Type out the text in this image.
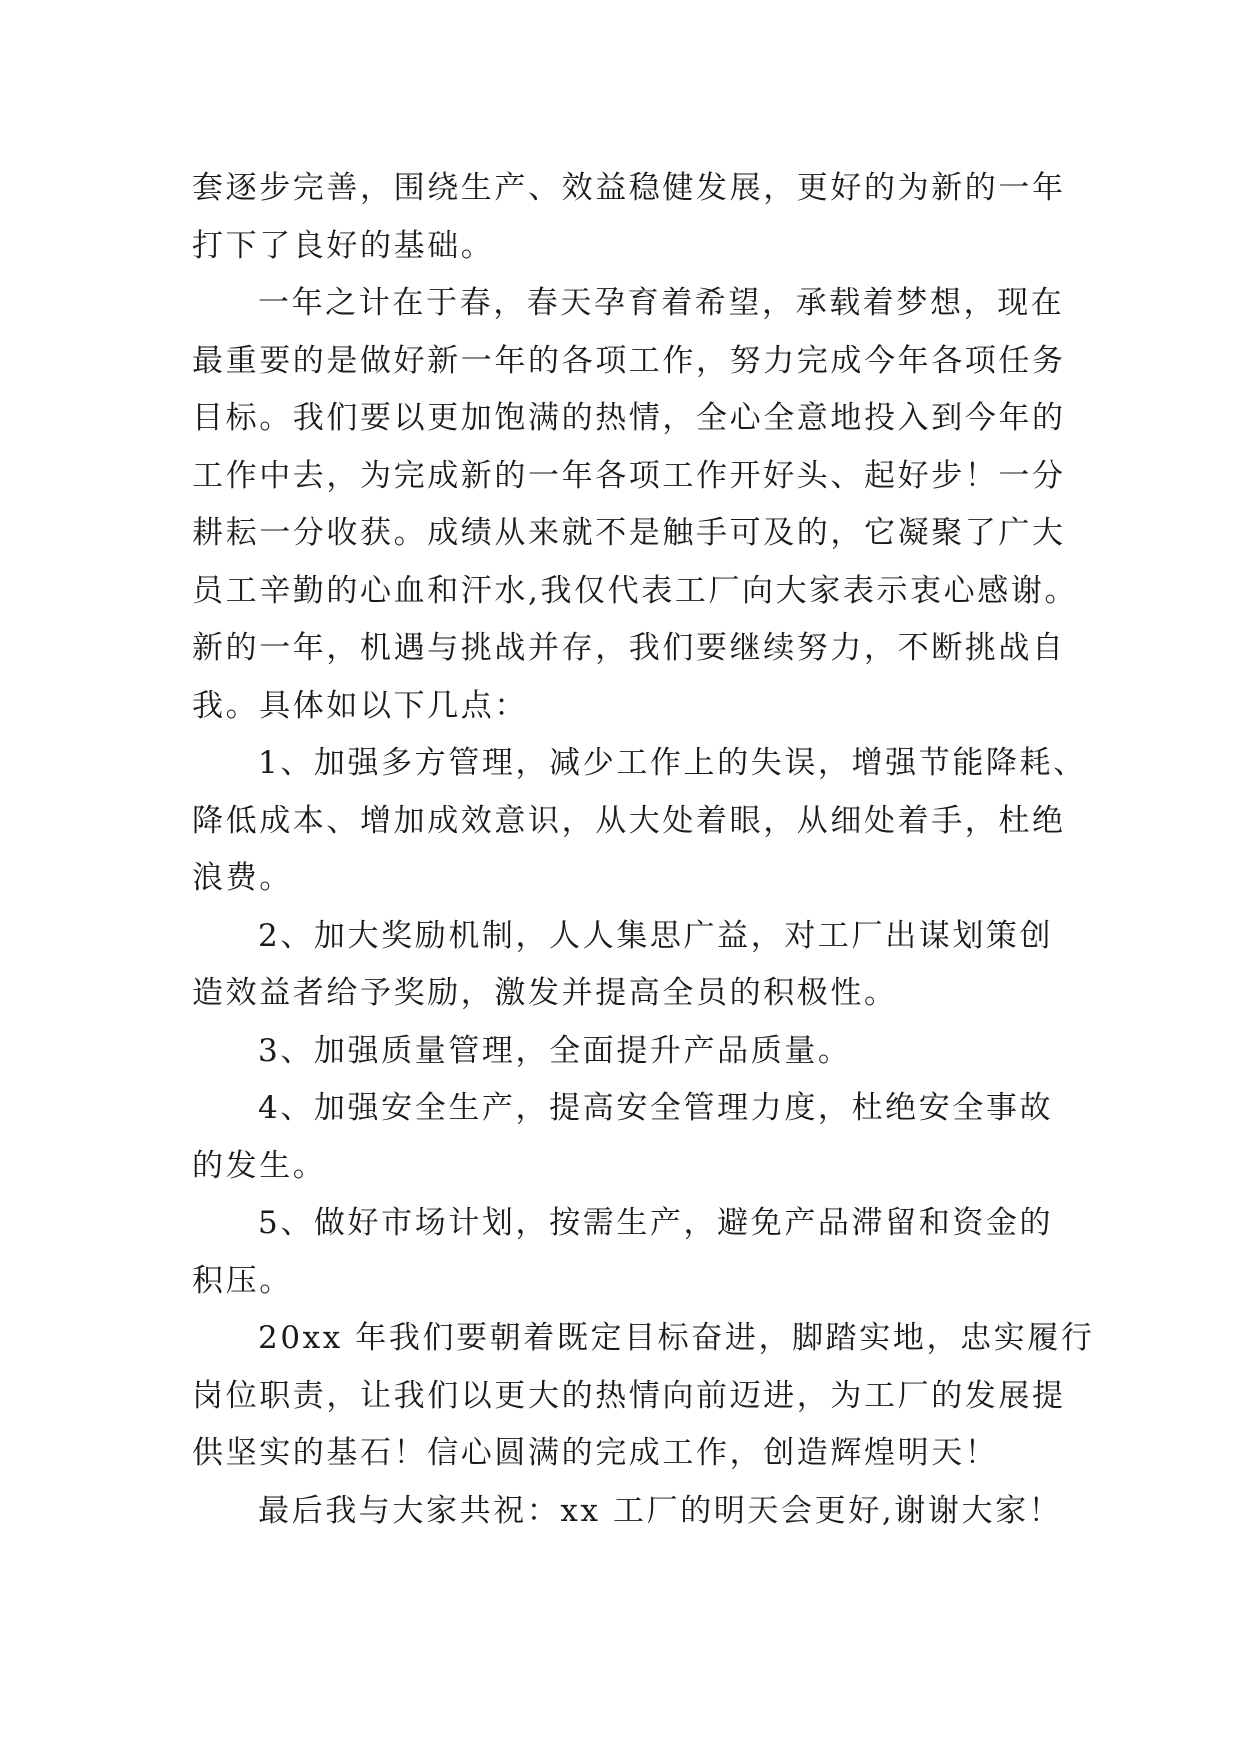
套逐步完善，围绕生产、效益稳健发展，更好的为新的一年
打下了良好的基础。
一年之计在于春，春天孕育着希望，承载着梦想，现在
最重要的是做好新一年的各项工作，努力完成今年各项任务
目标。我们要以更加饱满的热情，全心全意地投入到今年的
工作中去，为完成新的一年各项工作开好头、起好步！一分
耕耘一分收获。成绩从来就不是触手可及的，它凝聚了广大
员工辛勤的心血和汗水,我仅代表工厂向大家表示衷心感谢。
新的一年，机遇与挑战并存，我们要继续努力，不断挑战自
我。具体如以下几点：
1、加强多方管理，减少工作上的失误，增强节能降耗、
降低成本、增加成效意识，从大处着眼，从细处着手，杜绝
浪费。
2、加大奖励机制，人人集思广益，对工厂出谋划策创
造效益者给予奖励，激发并提高全员的积极性。
3、加强质量管理，全面提升产品质量。
4、加强安全生产，提高安全管理力度，杜绝安全事故
的发生。
5、做好市场计划，按需生产，避免产品滞留和资金的
积压。
20xx 年我们要朝着既定目标奋进，脚踏实地，忠实履行
岗位职责，让我们以更大的热情向前迈进，为工厂的发展提
供坚实的基石！信心圆满的完成工作，创造辉煌明天！
最后我与大家共祝：xx 工厂的明天会更好,谢谢大家！
